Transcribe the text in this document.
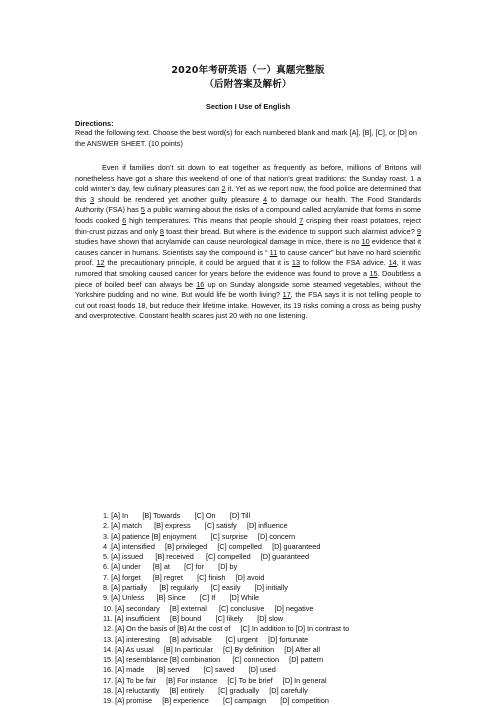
2020年考研英语（一）真题完整版
（后附答案及解析）
Section I Use of English
Directions:
Read the following text. Choose the best word(s) for each numbered blank and mark [A], [B], [C], or [D] on the ANSWER SHEET. (10 points)
Even if families don’t sit down to eat together as frequently as before, millions of Britons will nonetheless have got a share this weekend of one of that nation’s great traditions: the Sunday roast. 1 a cold winter’s day, few culinary pleasures can 2 it. Yet as we report now, the food police are determined that this 3 should be rendered yet another guilty pleasure 4 to damage our health. The Food Standards Authority (FSA) has 5 a public warning about the risks of a compound called acrylamide that forms in some foods cooked 6 high temperatures. This means that people should 7 crisping their roast potatoes, reject thin-crust pizzas and only 8 toast their bread. But where is the evidence to support such alarmist advice? 9 studies have shown that acrylamide can cause neurological damage in mice, there is no 10 evidence that it causes cancer in humans. Scientists say the compound is “ 11 to cause cancer” but have no hard scientific proof. 12 the precautionary principle, it could be argued that it is 13 to follow the FSA advice. 14, it was rumored that smoking caused cancer for years before the evidence was found to prove a 15. Doubtless a piece of boiled beef can always be 16 up on Sunday alongside some steamed vegetables, without the Yorkshire pudding and no wine. But would life be worth living? 17, the FSA says it is not telling people to cut out roast foods 18, but reduce their lifetime intake. However, its 19 risks coming a cross as being pushy and overprotective. Constant health scares just 20 with no one listening.
1. [A] In       [B] Towards       [C] On       [D] Till
2. [A] match      [B] express       [C] satisfy     [D] influence
3. [A] patience [B] enjoyment       [C] surprise     [D] concern
4 .[A] intensified     [B] privileged     [C] compelled     [D] guaranteed
5. [A] issued      [B] received      [C] compelled     [D] guaranteed
6. [A] under      [B] at       [C] for       [D] by
7. [A] forget      [B] regret       [C] finish     [D] avoid
8. [A] partially      [B] regularly      [C] easily       [D] initially
9. [A] Unless      [B] Since       [C] If       [D] While
10. [A] secondary     [B] external      [C] conclusive     [D] negative
11. [A] insufficient     [B] bound       [C] likely       [D] slow
12. [A] On the basis of [B] At the cost of     [C] In addition to [D] In contrast to
13. [A] interesting     [B] advisable       [C] urgent     [D] fortunate
14. [A] As usual     [B] In particular     [C] By definition     [D] After all
15. [A] resemblance [B] combination      [C] connection     [D] pattern
16. [A] made      [B] served       [C] saved       [D] used
17. [A] To be fair     [B] For instance     [C] To be brief     [D] In general
18. [A] reluctantly     [B] entirely       [C] gradually     [D] carefully
19. [A] promise     [B] experience       [C] campaign       [D] competition
